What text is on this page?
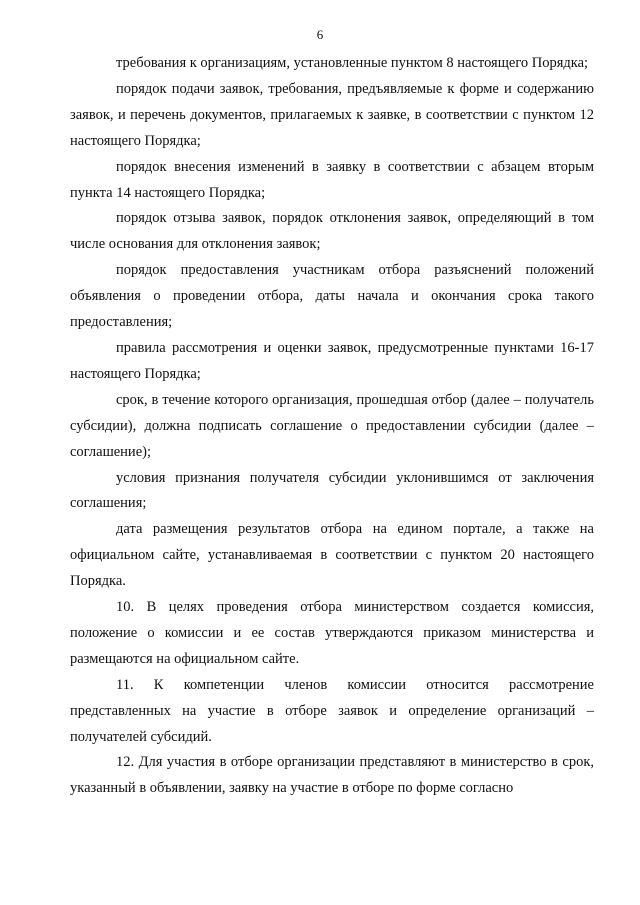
6

требования к организациям, установленные пунктом 8 настоящего Порядка;

порядок подачи заявок, требования, предъявляемые к форме и содержанию заявок, и перечень документов, прилагаемых к заявке, в соответствии с пунктом 12 настоящего Порядка;

порядок внесения изменений в заявку в соответствии с абзацем вторым пункта 14 настоящего Порядка;

порядок отзыва заявок, порядок отклонения заявок, определяющий в том числе основания для отклонения заявок;

порядок предоставления участникам отбора разъяснений положений объявления о проведении отбора, даты начала и окончания срока такого предоставления;

правила рассмотрения и оценки заявок, предусмотренные пунктами 16-17 настоящего Порядка;

срок, в течение которого организация, прошедшая отбор (далее – получатель субсидии), должна подписать соглашение о предоставлении субсидии (далее – соглашение);

условия признания получателя субсидии уклонившимся от заключения соглашения;

дата размещения результатов отбора на едином портале, а также на официальном сайте, устанавливаемая в соответствии с пунктом 20 настоящего Порядка.

10. В целях проведения отбора министерством создается комиссия, положение о комиссии и ее состав утверждаются приказом министерства и размещаются на официальном сайте.

11. К компетенции членов комиссии относится рассмотрение представленных на участие в отборе заявок и определение организаций – получателей субсидий.

12. Для участия в отборе организации представляют в министерство в срок, указанный в объявлении, заявку на участие в отборе по форме согласно
